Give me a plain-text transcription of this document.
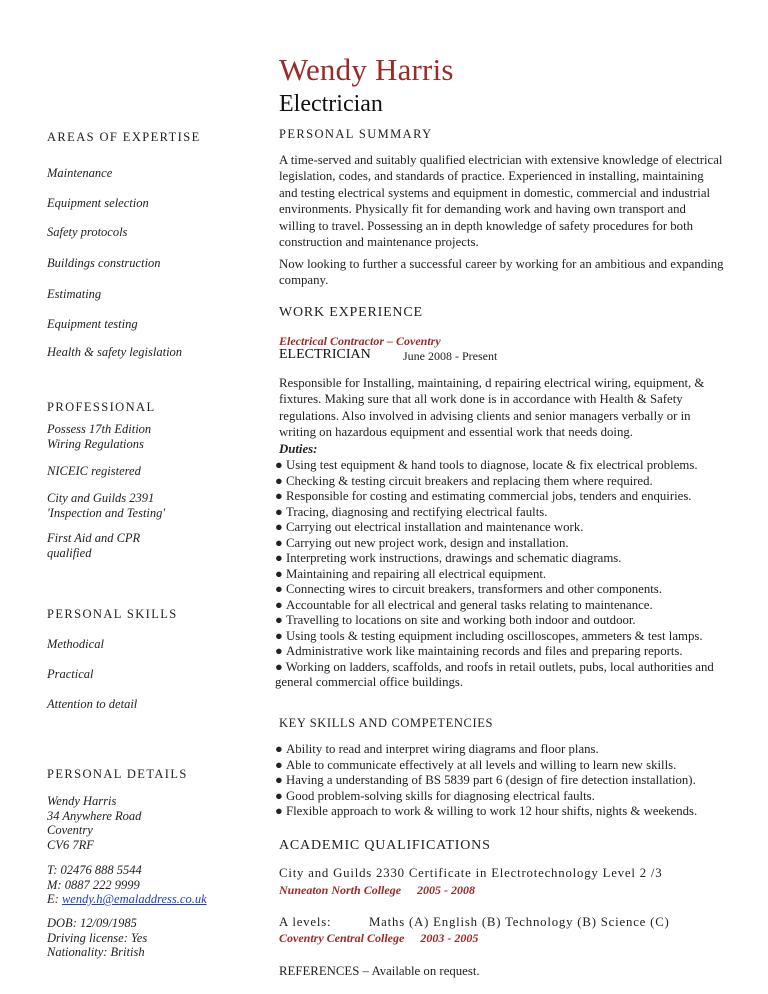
Wendy Harris
Electrician
AREAS OF EXPERTISE
Maintenance
Equipment selection
Safety protocols
Buildings construction
Estimating
Equipment testing
Health & safety legislation
PROFESSIONAL
Possess 17th Edition
Wiring Regulations
NICEIC registered
City and Guilds 2391
'Inspection and Testing'
First Aid and CPR
qualified
PERSONAL SKILLS
Methodical
Practical
Attention to detail
PERSONAL DETAILS
Wendy Harris
34 Anywhere Road
Coventry
CV6 7RF
T: 02476 888 5544
M: 0887 222 9999
E: wendy.h@emaladdress.co.uk
DOB: 12/09/1985
Driving license: Yes
Nationality: British
PERSONAL SUMMARY
A time-served and suitably qualified electrician with extensive knowledge of electrical legislation, codes, and standards of practice. Experienced in installing, maintaining and testing electrical systems and equipment in domestic, commercial and industrial environments. Physically fit for demanding work and having own transport and willing to travel. Possessing an in depth knowledge of safety procedures for both construction and maintenance projects.
Now looking to further a successful career by working for an ambitious and expanding company.
WORK EXPERIENCE
Electrical Contractor – Coventry
ELECTRICIAN	June 2008 - Present
Responsible for Installing, maintaining, d repairing electrical wiring, equipment, & fixtures. Making sure that all work done is in accordance with Health & Safety regulations. Also involved in advising clients and senior managers verbally or in writing on hazardous equipment and essential work that needs doing.
Duties:
● Using test equipment & hand tools to diagnose, locate & fix electrical problems.
● Checking & testing circuit breakers and replacing them where required.
● Responsible for costing and estimating commercial jobs, tenders and enquiries.
● Tracing, diagnosing and rectifying electrical faults.
● Carrying out electrical installation and maintenance work.
● Carrying out new project work, design and installation.
● Interpreting work instructions, drawings and schematic diagrams.
● Maintaining and repairing all electrical equipment.
● Connecting wires to circuit breakers, transformers and other components.
● Accountable for all electrical and general tasks relating to maintenance.
● Travelling to locations on site and working both indoor and outdoor.
● Using tools & testing equipment including oscilloscopes, ammeters & test lamps.
● Administrative work like maintaining records and files and preparing reports.
● Working on ladders, scaffolds, and roofs in retail outlets, pubs, local authorities and general commercial office buildings.
KEY SKILLS AND COMPETENCIES
● Ability to read and interpret wiring diagrams and floor plans.
● Able to communicate effectively at all levels and willing to learn new skills.
● Having a understanding of BS 5839 part 6 (design of fire detection installation).
● Good problem-solving skills for diagnosing electrical faults.
● Flexible approach to work & willing to work 12 hour shifts, nights & weekends.
ACADEMIC QUALIFICATIONS
City and Guilds 2330 Certificate in Electrotechnology Level 2 /3
Nuneaton North College 2005 - 2008
A levels:	Maths (A) English (B) Technology (B) Science (C)
Coventry Central College 2003 - 2005
REFERENCES – Available on request.
